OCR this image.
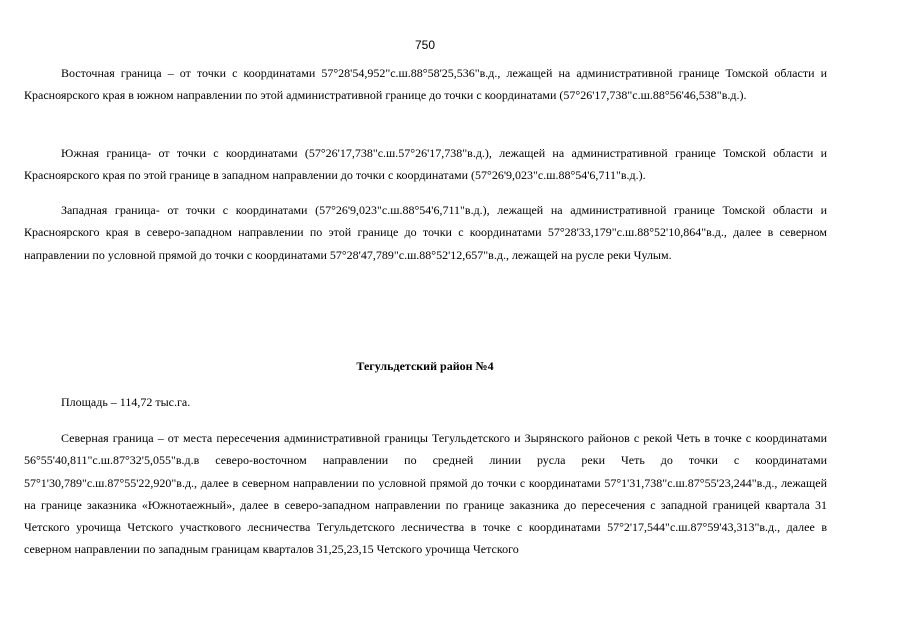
750

Восточная граница – от точки с координатами 57°28'54,952"с.ш.88°58'25,536"в.д., лежащей на административной границе Томской области и Красноярского края в южном направлении по этой административной границе до точки с координатами (57°26'17,738"с.ш.88°56'46,538"в.д.).

Южная граница- от точки с координатами (57°26'17,738"с.ш.57°26'17,738"в.д.), лежащей на административной границе Томской области и Красноярского края по этой границе в западном направлении до точки с координатами (57°26'9,023"с.ш.88°54'6,711"в.д.).

Западная граница- от точки с координатами (57°26'9,023"с.ш.88°54'6,711"в.д.), лежащей на административной границе Томской области и Красноярского края в северо-западном направлении по этой границе до точки с координатами 57°28'33,179"с.ш.88°52'10,864"в.д., далее в северном направлении по условной прямой до точки с координатами 57°28'47,789"с.ш.88°52'12,657"в.д., лежащей на русле реки Чулым.

Тегульдетский район №4
Площадь – 114,72 тыс.га.

Северная граница – от места пересечения административной границы Тегульдетского и Зырянского районов с рекой Четь в точке с координатами 56°55'40,811"с.ш.87°32'5,055"в.д.в северо-восточном направлении по средней линии русла реки Четь до точки с координатами 57°1'30,789"с.ш.87°55'22,920"в.д., далее в северном направлении по условной прямой до точки с координатами 57°1'31,738"с.ш.87°55'23,244"в.д., лежащей на границе заказника «Южнотаежный», далее в северо-западном направлении по границе заказника до пересечения с западной границей квартала 31 Четского урочища Четского участкового лесничества Тегульдетского лесничества в точке с координатами 57°2'17,544"с.ш.87°59'43,313"в.д., далее в северном направлении по западным границам кварталов 31,25,23,15 Четского урочища Четского
